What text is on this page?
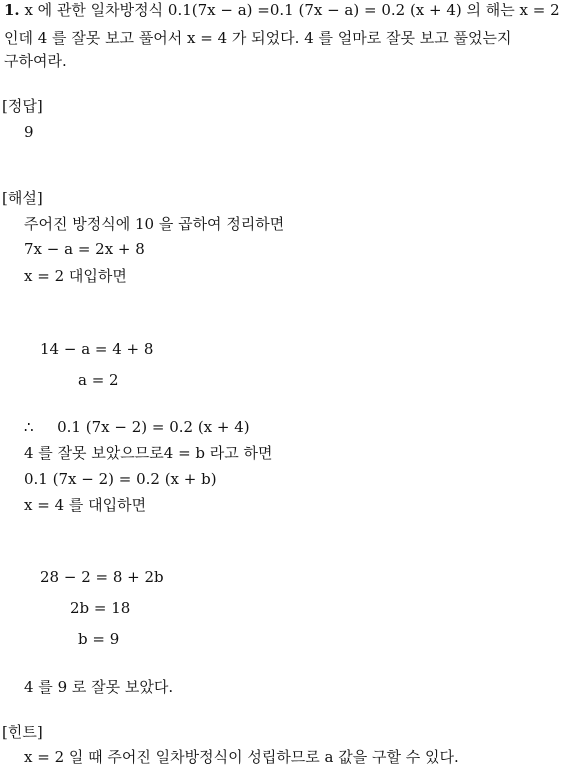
1. x 에 관한 일차방정식 0.1(7x − a) =0.1 (7x − a) = 0.2 (x + 4) 의 해는 x = 2
인데 4 를 잘못 보고 풀어서 x = 4 가 되었다. 4 를 얼마로 잘못 보고 풀었는지
구하여라.
[정답]
9
[해설]
주어진 방정식에 10 을 곱하여 정리하면
7x − a = 2x + 8
x = 2 대입하면
14 − a = 4 + 8
a = 2
∴ 0.1 (7x − 2) = 0.2 (x + 4)
4 를 잘못 보았으므로4 = b 라고 하면
0.1 (7x − 2) = 0.2 (x + b)
x = 4 를 대입하면
28 − 2 = 8 + 2b
2b = 18
b = 9
4 를 9 로 잘못 보았다.
[힌트]
x = 2 일 때 주어진 일차방정식이 성립하므로 a 값을 구할 수 있다.
